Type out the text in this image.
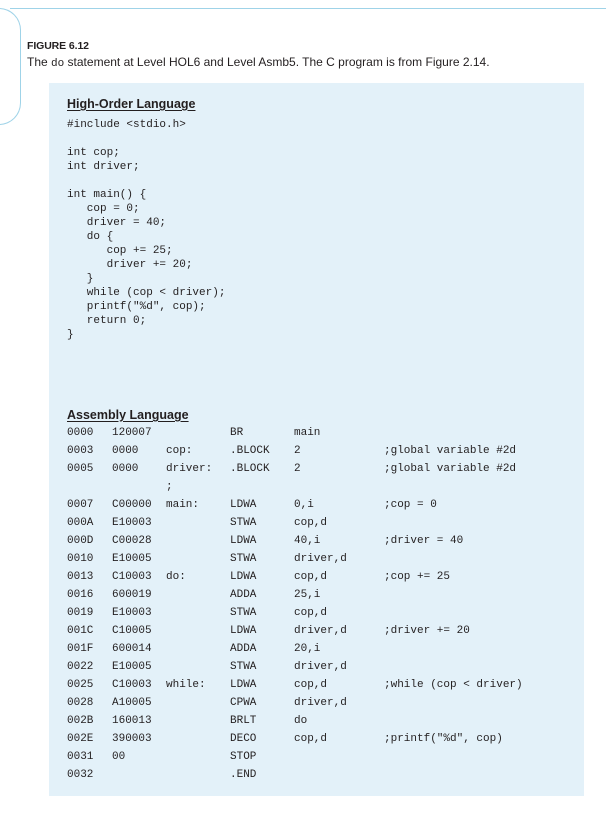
FIGURE 6.12
The do statement at Level HOL6 and Level Asmb5. The C program is from Figure 2.14.
High-Order Language
#include <stdio.h>

int cop;
int driver;

int main() {
cop = 0;
driver = 40;
do {
cop += 25;
driver += 20;
}
while (cop < driver);
printf("%d", cop);
return 0;
}
Assembly Language
0000 120007	BR	main
0003 0000	cop:	.BLOCK 2	;global variable #2d
0005 0000	driver: .BLOCK 2	;global variable #2d
;
0007 C00000 main:	LDWA	0,i	;cop = 0
000A E10003	STWA	cop,d
000D C00028	LDWA	40,i	;driver = 40
0010 E10005	STWA	driver,d
0013 C10003 do:	LDWA	cop,d	;cop += 25
0016 600019	ADDA	25,i
0019 E10003	STWA	cop,d
001C C10005	LDWA	driver,d	;driver += 20
001F 600014	ADDA	20,i
0022 E10005	STWA	driver,d
0025 C10003 while: LDWA	cop,d	;while (cop < driver)
0028 A10005	CPWA	driver,d
002B 160013	BRLT	do
002E 390003	DECO	cop,d	;printf("%d", cop)
0031 00	STOP
0032	.END
